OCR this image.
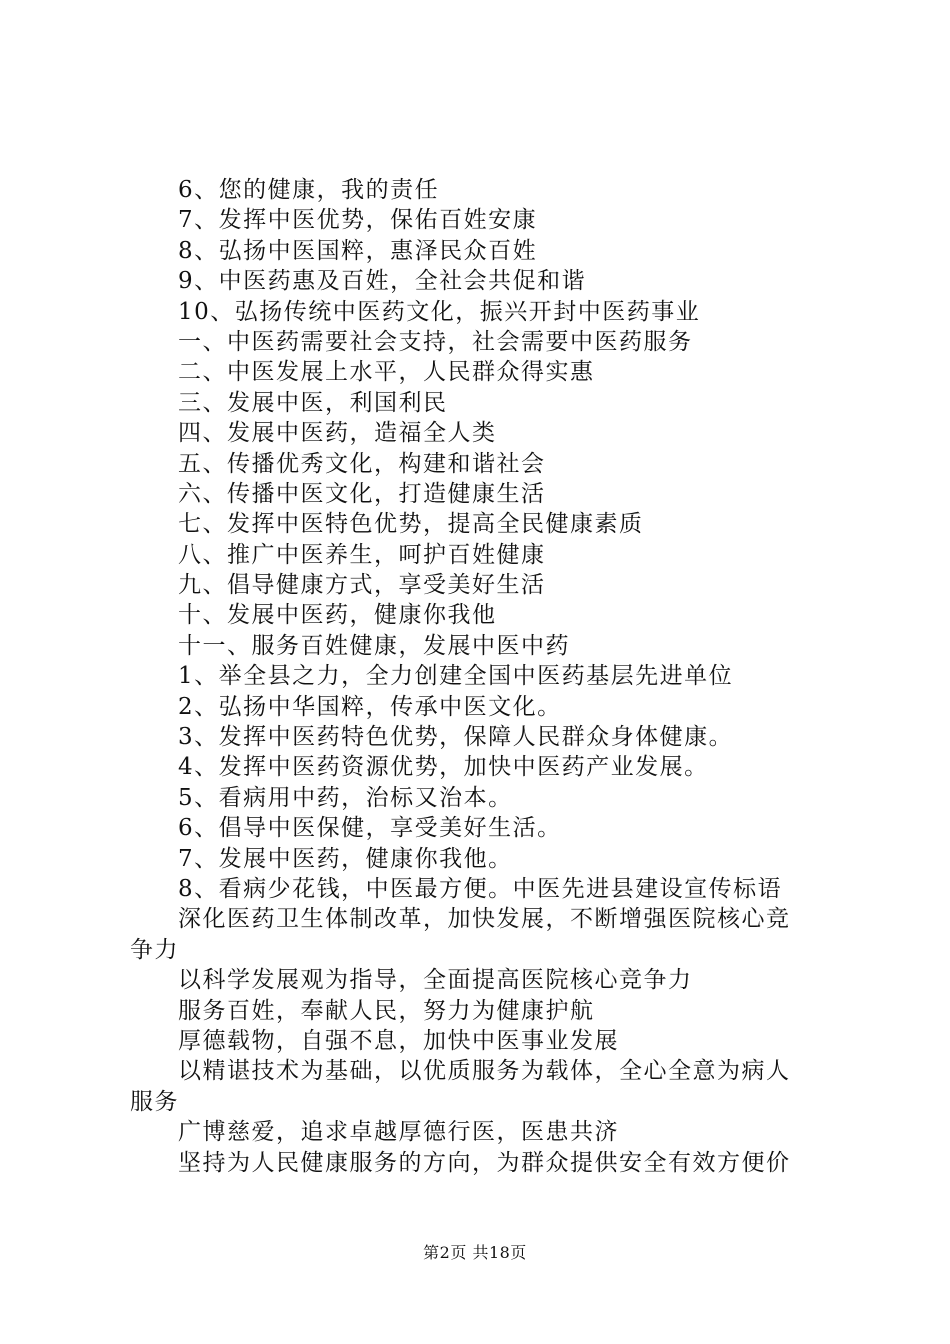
6、您的健康，我的责任
7、发挥中医优势，保佑百姓安康
8、弘扬中医国粹，惠泽民众百姓
9、中医药惠及百姓，全社会共促和谐
10、弘扬传统中医药文化，振兴开封中医药事业
一、中医药需要社会支持，社会需要中医药服务
二、中医发展上水平，人民群众得实惠
三、发展中医，利国利民
四、发展中医药，造福全人类
五、传播优秀文化，构建和谐社会
六、传播中医文化，打造健康生活
七、发挥中医特色优势，提高全民健康素质
八、推广中医养生，呵护百姓健康
九、倡导健康方式，享受美好生活
十、发展中医药，健康你我他
十一、服务百姓健康，发展中医中药
1、举全县之力，全力创建全国中医药基层先进单位
2、弘扬中华国粹，传承中医文化。
3、发挥中医药特色优势，保障人民群众身体健康。
4、发挥中医药资源优势，加快中医药产业发展。
5、看病用中药，治标又治本。
6、倡导中医保健，享受美好生活。
7、发展中医药，健康你我他。
8、看病少花钱，中医最方便。中医先进县建设宣传标语
深化医药卫生体制改革，加快发展，不断增强医院核心竞
争力
以科学发展观为指导，全面提高医院核心竞争力
服务百姓，奉献人民，努力为健康护航
厚德载物，自强不息，加快中医事业发展
以精谌技术为基础，以优质服务为载体，全心全意为病人
服务
广博慈爱，追求卓越厚德行医，医患共济
坚持为人民健康服务的方向，为群众提供安全有效方便价
第2页 共18页
